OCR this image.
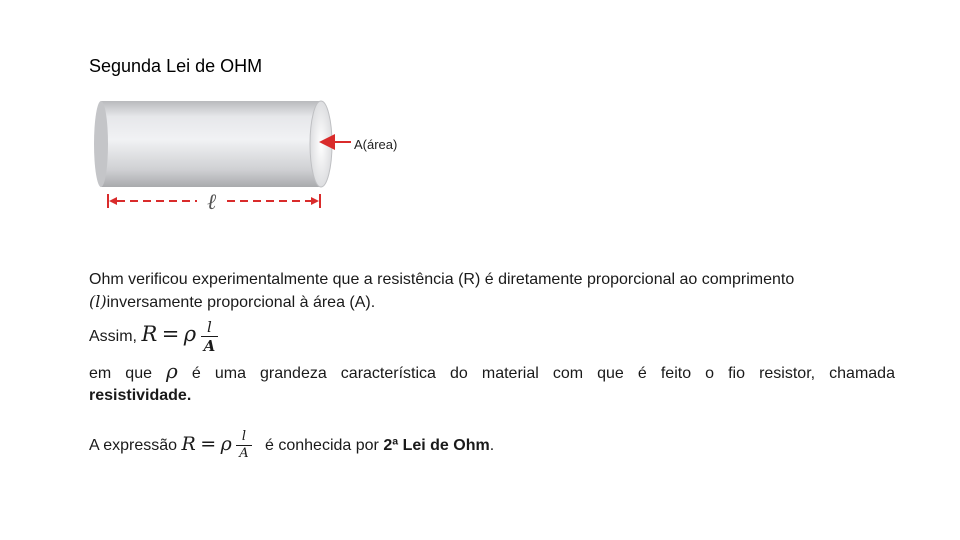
Segunda Lei de OHM
ℓ
A(área)
Ohm verificou experimentalmente que a resistência (R) é diretamente proporcional ao comprimento
(l)inversamente proporcional à área (A).
Assim, R = ρ $\frac{l}{A}$
em que ρ é uma grandeza característica do material com que é feito o fio resistor, chamada
resistividade.
A expressão R = ρ $\frac{l}{A}$ é conhecida por 2ª Lei de Ohm.
